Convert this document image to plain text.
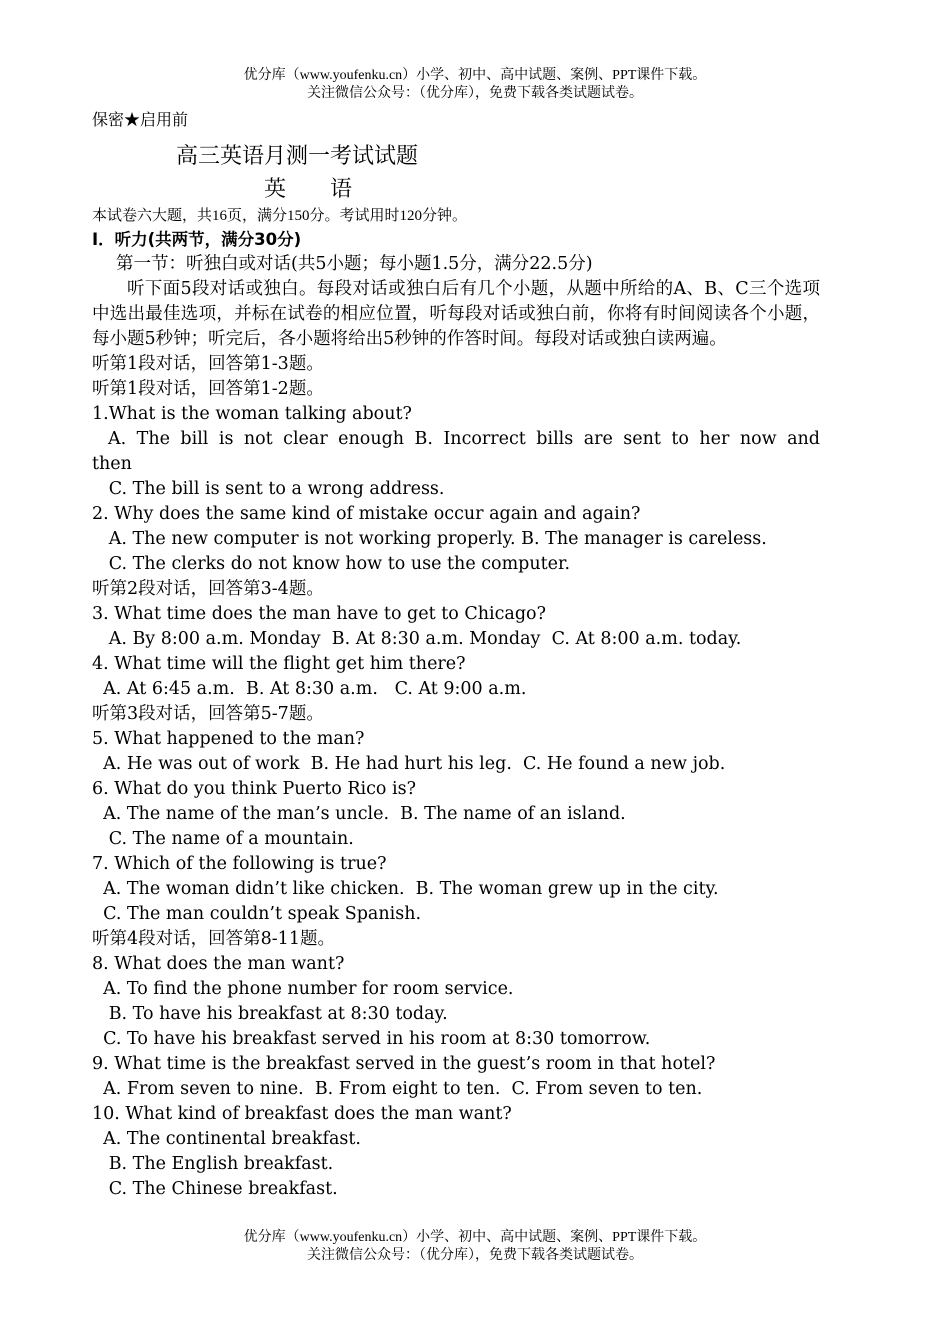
优分库（www.youfenku.cn）小学、初中、高中试题、案例、PPT课件下载。
关注微信公众号：（优分库），免费下载各类试题试卷。
保密★启用前
高三英语月测一考试试题
英　　语
本试卷六大题，共16页，满分150分。考试用时120分钟。
Ⅰ．听力(共两节，满分30分)
第一节：听独白或对话(共5小题；每小题1.5分，满分22.5分)
听下面5段对话或独白。每段对话或独白后有几个小题，从题中所给的A、B、C三个选项中选出最佳选项，并标在试卷的相应位置，听每段对话或独白前，你将有时间阅读各个小题，每小题5秒钟；听完后，各小题将给出5秒钟的作答时间。每段对话或独白读两遍。
听第1段对话，回答第1-3题。
听第1段对话，回答第1-2题。
1.What is the woman talking about?
A. The bill is not clear enough B. Incorrect bills are sent to her now and
then
C. The bill is sent to a wrong address.
2. Why does the same kind of mistake occur again and again?
A. The new computer is not working properly. B. The manager is careless.
C. The clerks do not know how to use the computer.
听第2段对话，回答第3-4题。
3. What time does the man have to get to Chicago?
A. By 8:00 a.m. Monday  B. At 8:30 a.m. Monday  C. At 8:00 a.m. today.
4. What time will the flight get him there?
A. At 6:45 a.m.  B. At 8:30 a.m.   C. At 9:00 a.m.
听第3段对话，回答第5-7题。
5. What happened to the man?
A. He was out of work  B. He had hurt his leg.  C. He found a new job.
6. What do you think Puerto Rico is?
A. The name of the man’s uncle.  B. The name of an island.
C. The name of a mountain.
7. Which of the following is true?
A. The woman didn’t like chicken.  B. The woman grew up in the city.
C. The man couldn’t speak Spanish.
听第4段对话，回答第8-11题。
8. What does the man want?
A. To find the phone number for room service.
B. To have his breakfast at 8:30 today.
C. To have his breakfast served in his room at 8:30 tomorrow.
9. What time is the breakfast served in the guest’s room in that hotel?
A. From seven to nine.  B. From eight to ten.  C. From seven to ten.
10. What kind of breakfast does the man want?
A. The continental breakfast.
B. The English breakfast.
C. The Chinese breakfast.
优分库（www.youfenku.cn）小学、初中、高中试题、案例、PPT课件下载。
关注微信公众号：（优分库），免费下载各类试题试卷。
